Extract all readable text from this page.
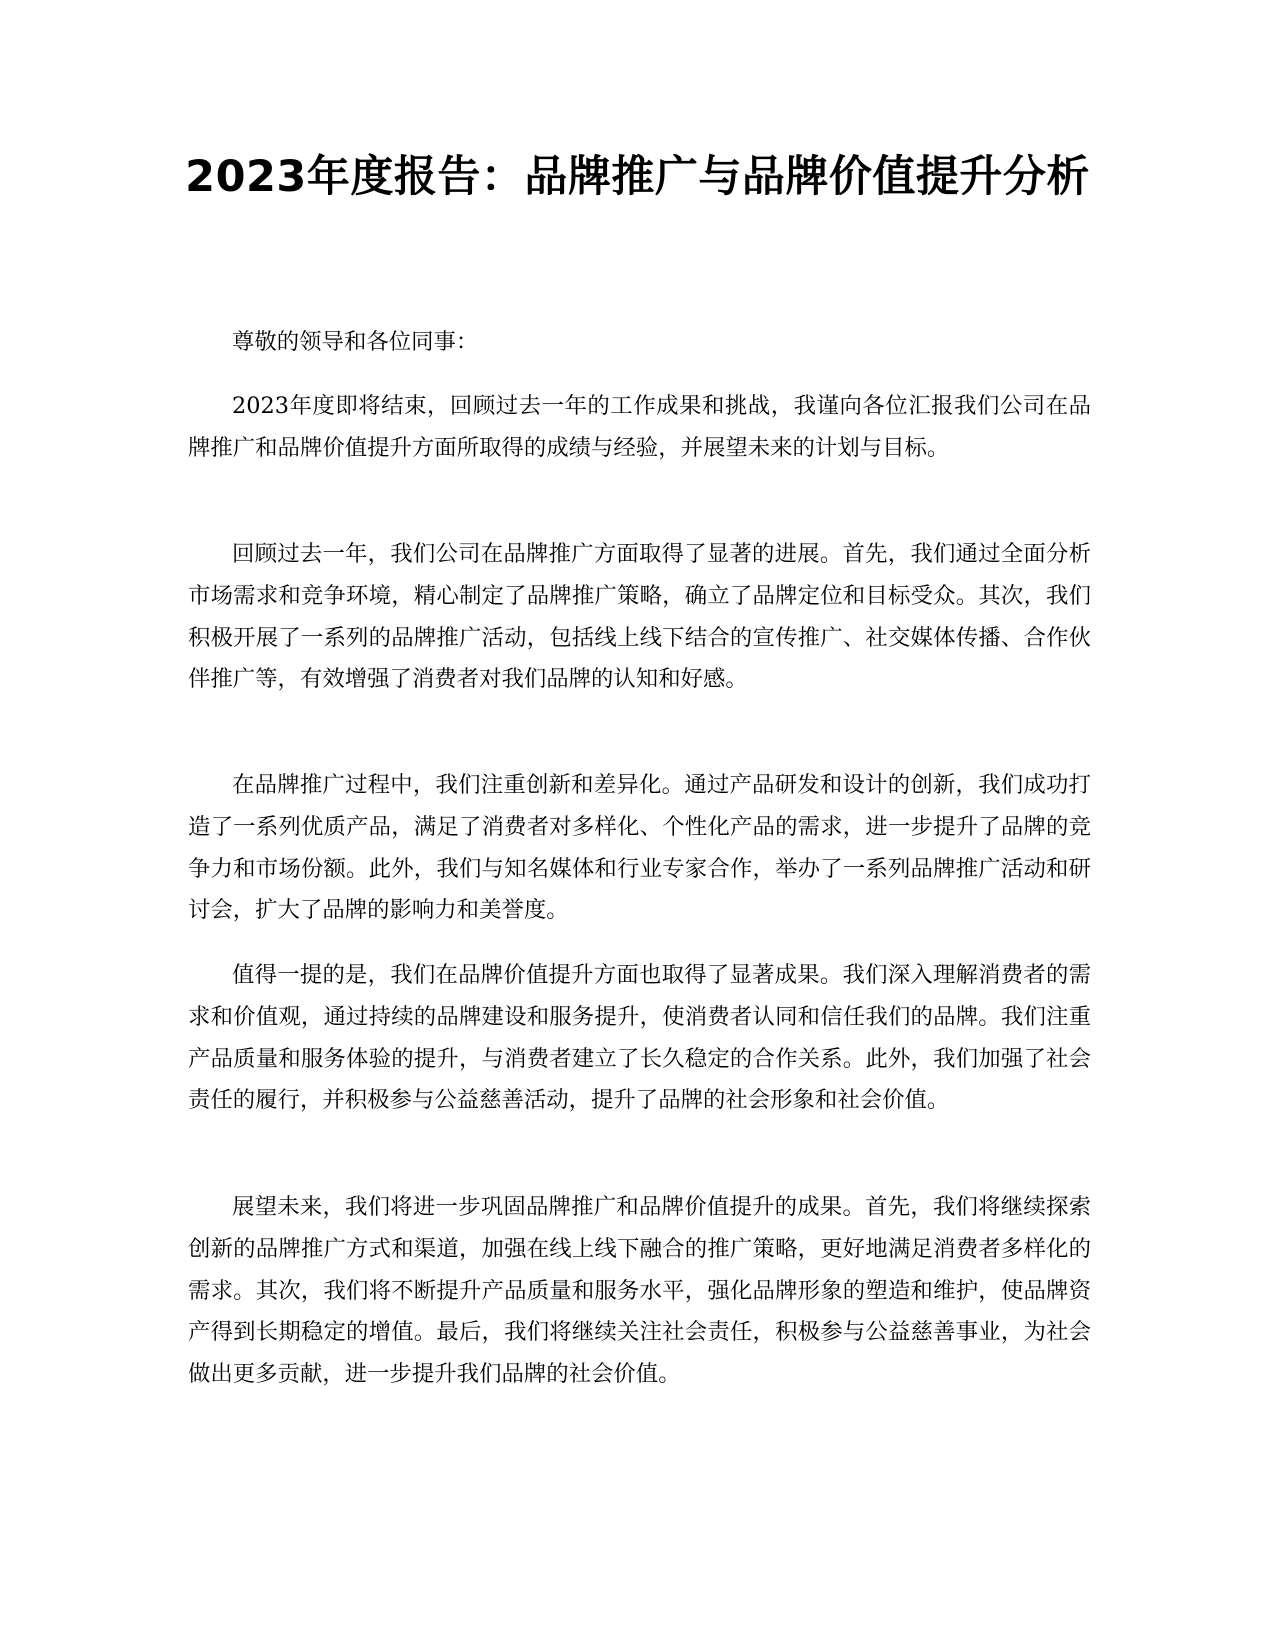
2023年度报告：品牌推广与品牌价值提升分析

尊敬的领导和各位同事：

2023年度即将结束，回顾过去一年的工作成果和挑战，我谨向各位汇报我们公司在品牌推广和品牌价值提升方面所取得的成绩与经验，并展望未来的计划与目标。

回顾过去一年，我们公司在品牌推广方面取得了显著的进展。首先，我们通过全面分析市场需求和竞争环境，精心制定了品牌推广策略，确立了品牌定位和目标受众。其次，我们积极开展了一系列的品牌推广活动，包括线上线下结合的宣传推广、社交媒体传播、合作伙伴推广等，有效增强了消费者对我们品牌的认知和好感。

在品牌推广过程中，我们注重创新和差异化。通过产品研发和设计的创新，我们成功打造了一系列优质产品，满足了消费者对多样化、个性化产品的需求，进一步提升了品牌的竞争力和市场份额。此外，我们与知名媒体和行业专家合作，举办了一系列品牌推广活动和研讨会，扩大了品牌的影响力和美誉度。

值得一提的是，我们在品牌价值提升方面也取得了显著成果。我们深入理解消费者的需求和价值观，通过持续的品牌建设和服务提升，使消费者认同和信任我们的品牌。我们注重产品质量和服务体验的提升，与消费者建立了长久稳定的合作关系。此外，我们加强了社会责任的履行，并积极参与公益慈善活动，提升了品牌的社会形象和社会价值。

展望未来，我们将进一步巩固品牌推广和品牌价值提升的成果。首先，我们将继续探索创新的品牌推广方式和渠道，加强在线上线下融合的推广策略，更好地满足消费者多样化的需求。其次，我们将不断提升产品质量和服务水平，强化品牌形象的塑造和维护，使品牌资产得到长期稳定的增值。最后，我们将继续关注社会责任，积极参与公益慈善事业，为社会做出更多贡献，进一步提升我们品牌的社会价值。
